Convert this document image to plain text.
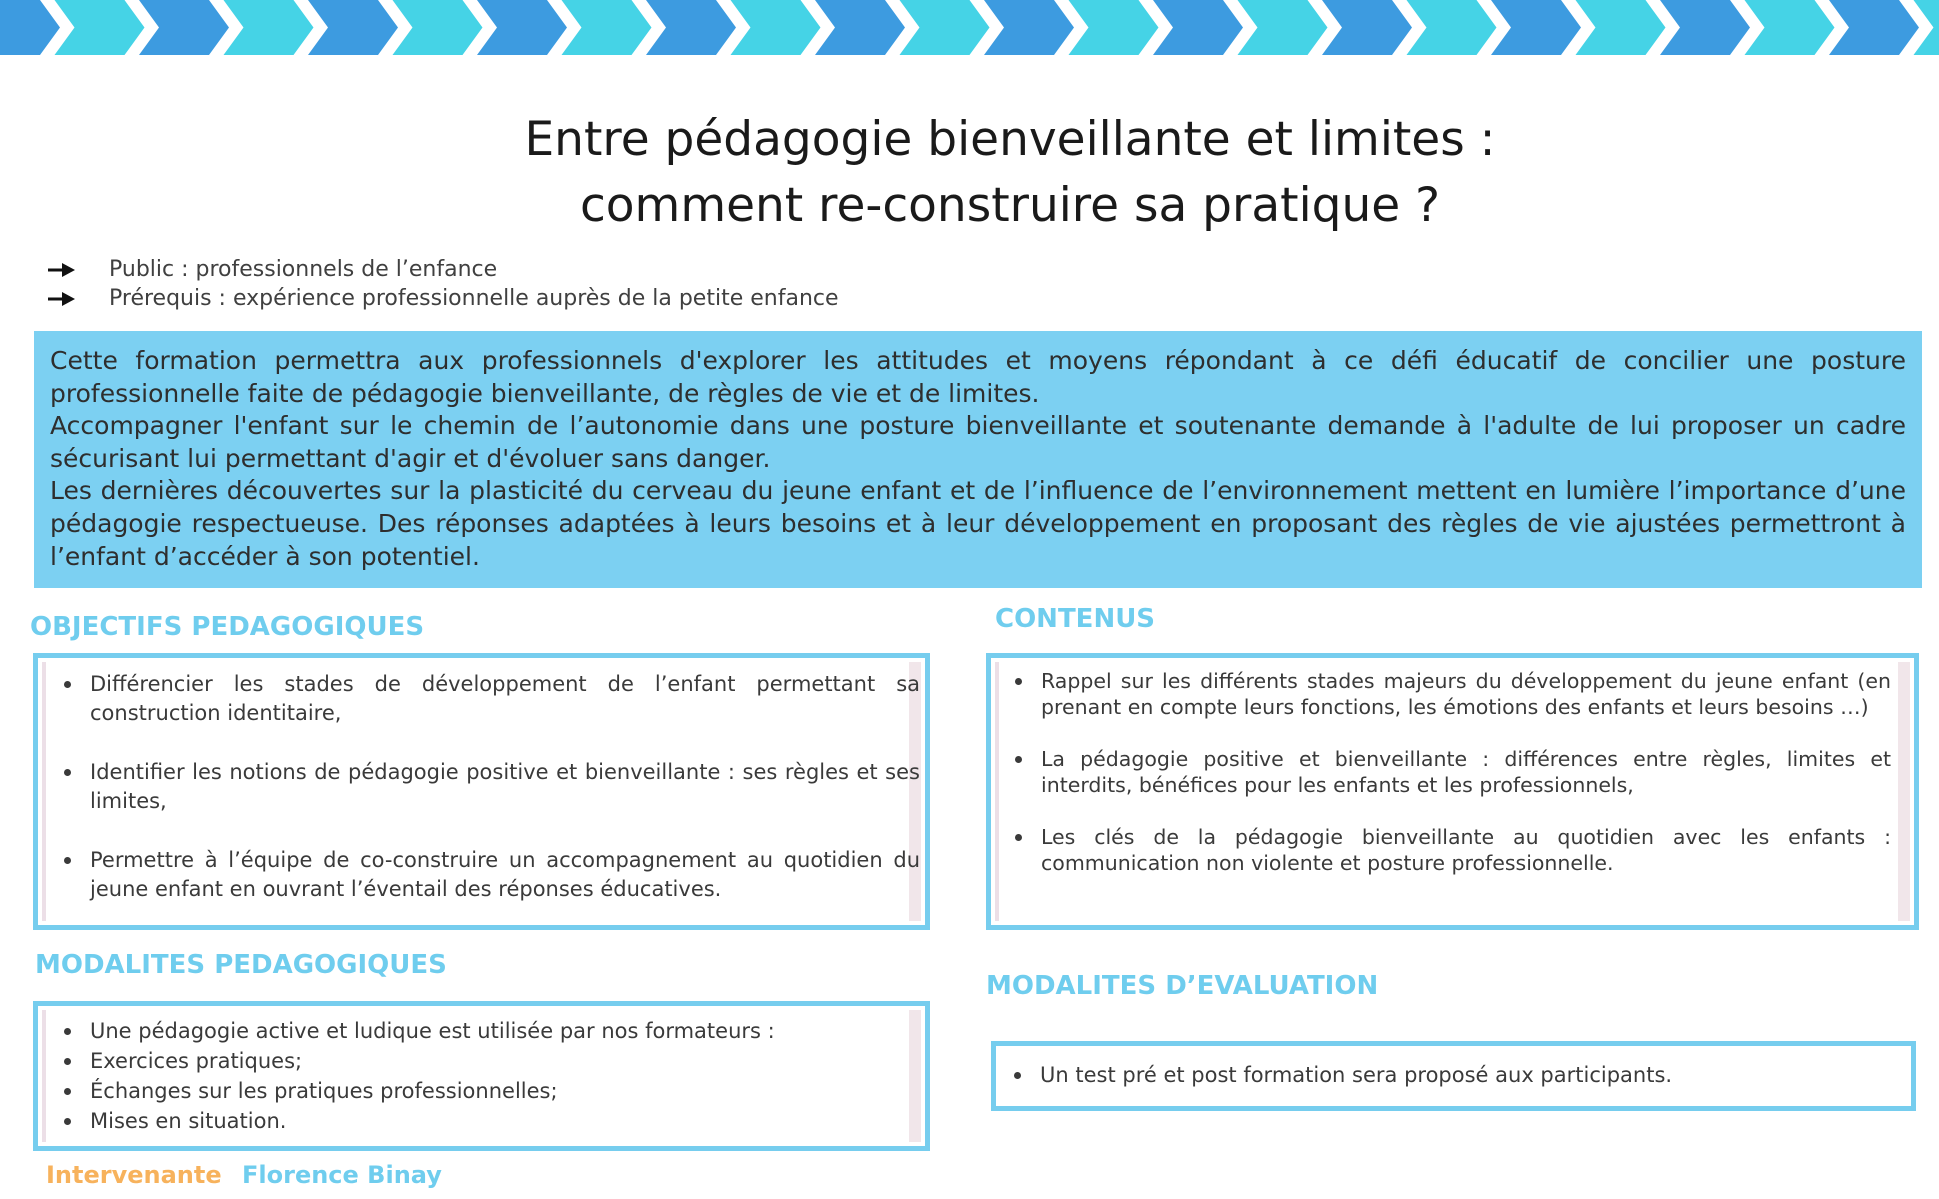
Entre pédagogie bienveillante et limites :
comment re-construire sa pratique ?
Public : professionnels de l’enfance
Prérequis : expérience professionnelle auprès de la petite enfance

Cette formation permettra aux professionnels d'explorer les attitudes et moyens répondant à ce défi éducatif de concilier une posture professionnelle faite de pédagogie bienveillante, de règles de vie et de limites.

Accompagner l'enfant sur le chemin de l’autonomie dans une posture bienveillante et soutenante demande à l'adulte de lui proposer un cadre sécurisant lui permettant d'agir et d'évoluer sans danger.

Les dernières découvertes sur la plasticité du cerveau du jeune enfant et de l’influence de l’environnement mettent en lumière l’importance d’une pédagogie respectueuse. Des réponses adaptées à leurs besoins et à leur développement en proposant des règles de vie ajustées permettront à l’enfant d’accéder à son potentiel.

OBJECTIFS PEDAGOGIQUES
Différencier les stades de développement de l’enfant permettant sa construction identitaire,
Identifier les notions de pédagogie positive et bienveillante : ses règles et ses limites,
Permettre à l’équipe de co-construire un accompagnement au quotidien du jeune enfant en ouvrant l’éventail des réponses éducatives.
CONTENUS
Rappel sur les différents stades majeurs du développement du jeune enfant (en prenant en compte leurs fonctions, les émotions des enfants et leurs besoins …)
La pédagogie positive et bienveillante : différences entre règles, limites et interdits, bénéfices pour les enfants et les professionnels,
Les clés de la pédagogie bienveillante au quotidien avec les enfants : communication non violente et posture professionnelle.
MODALITES PEDAGOGIQUES
Une pédagogie active et ludique est utilisée par nos formateurs :
Exercices pratiques;
Échanges sur les pratiques professionnelles;
Mises en situation.
MODALITES D’EVALUATION
Un test pré et post formation sera proposé aux participants.
Intervenante Florence Binay
